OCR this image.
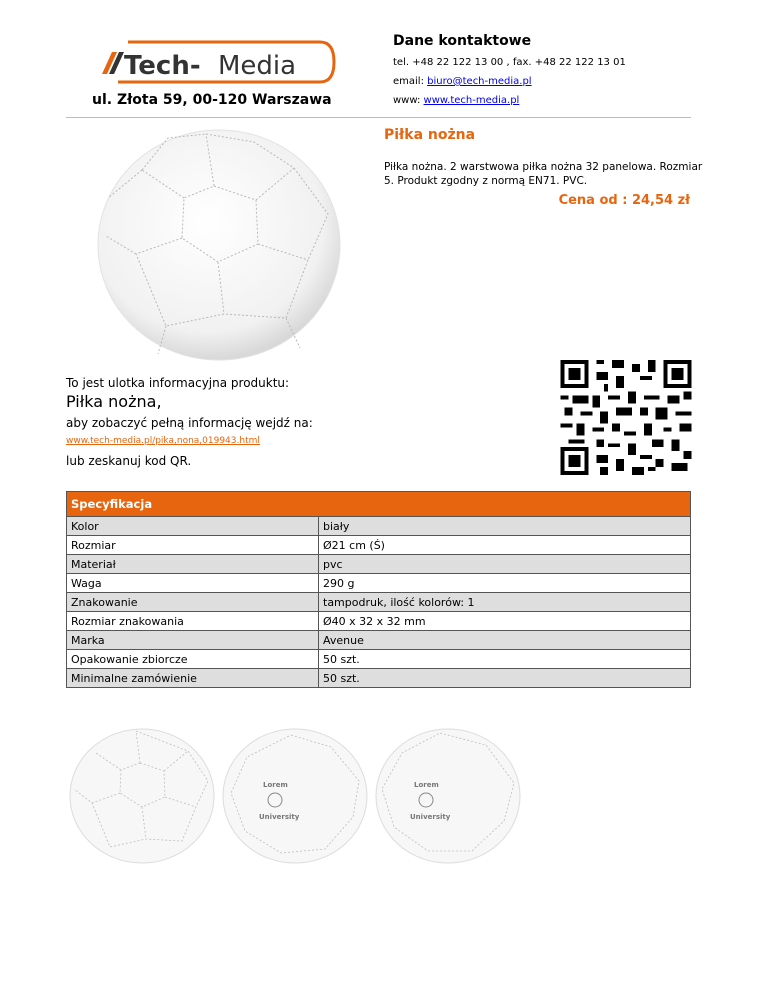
Tech- Media
ul. Złota 59, 00-120 Warszawa
Dane kontaktowe
tel. +48 22 122 13 00 , fax. +48 22 122 13 01
email: biuro@tech-media.pl
www: www.tech-media.pl
Piłka nożna
Piłka nożna. 2 warstwowa piłka nożna 32 panelowa. Rozmiar 5. Produkt zgodny z normą EN71. PVC.
Cena od : 24,54 zł
To jest ulotka informacyjna produktu:
Piłka nożna,
aby zobaczyć pełną informację wejdź na:
www.tech-media.pl/pika,nona,019943.html
lub zeskanuj kod QR.
Specyfikacja	
Kolor	biały
Rozmiar	Ø21 cm (Ś)
Materiał	pvc
Waga	290 g
Znakowanie	tampodruk, ilość kolorów: 1
Rozmiar znakowania	Ø40 x 32 x 32 mm
Marka	Avenue
Opakowanie zbiorcze	50 szt.
Minimalne zamówienie	50 szt.
Lorem
University
Lorem
University
